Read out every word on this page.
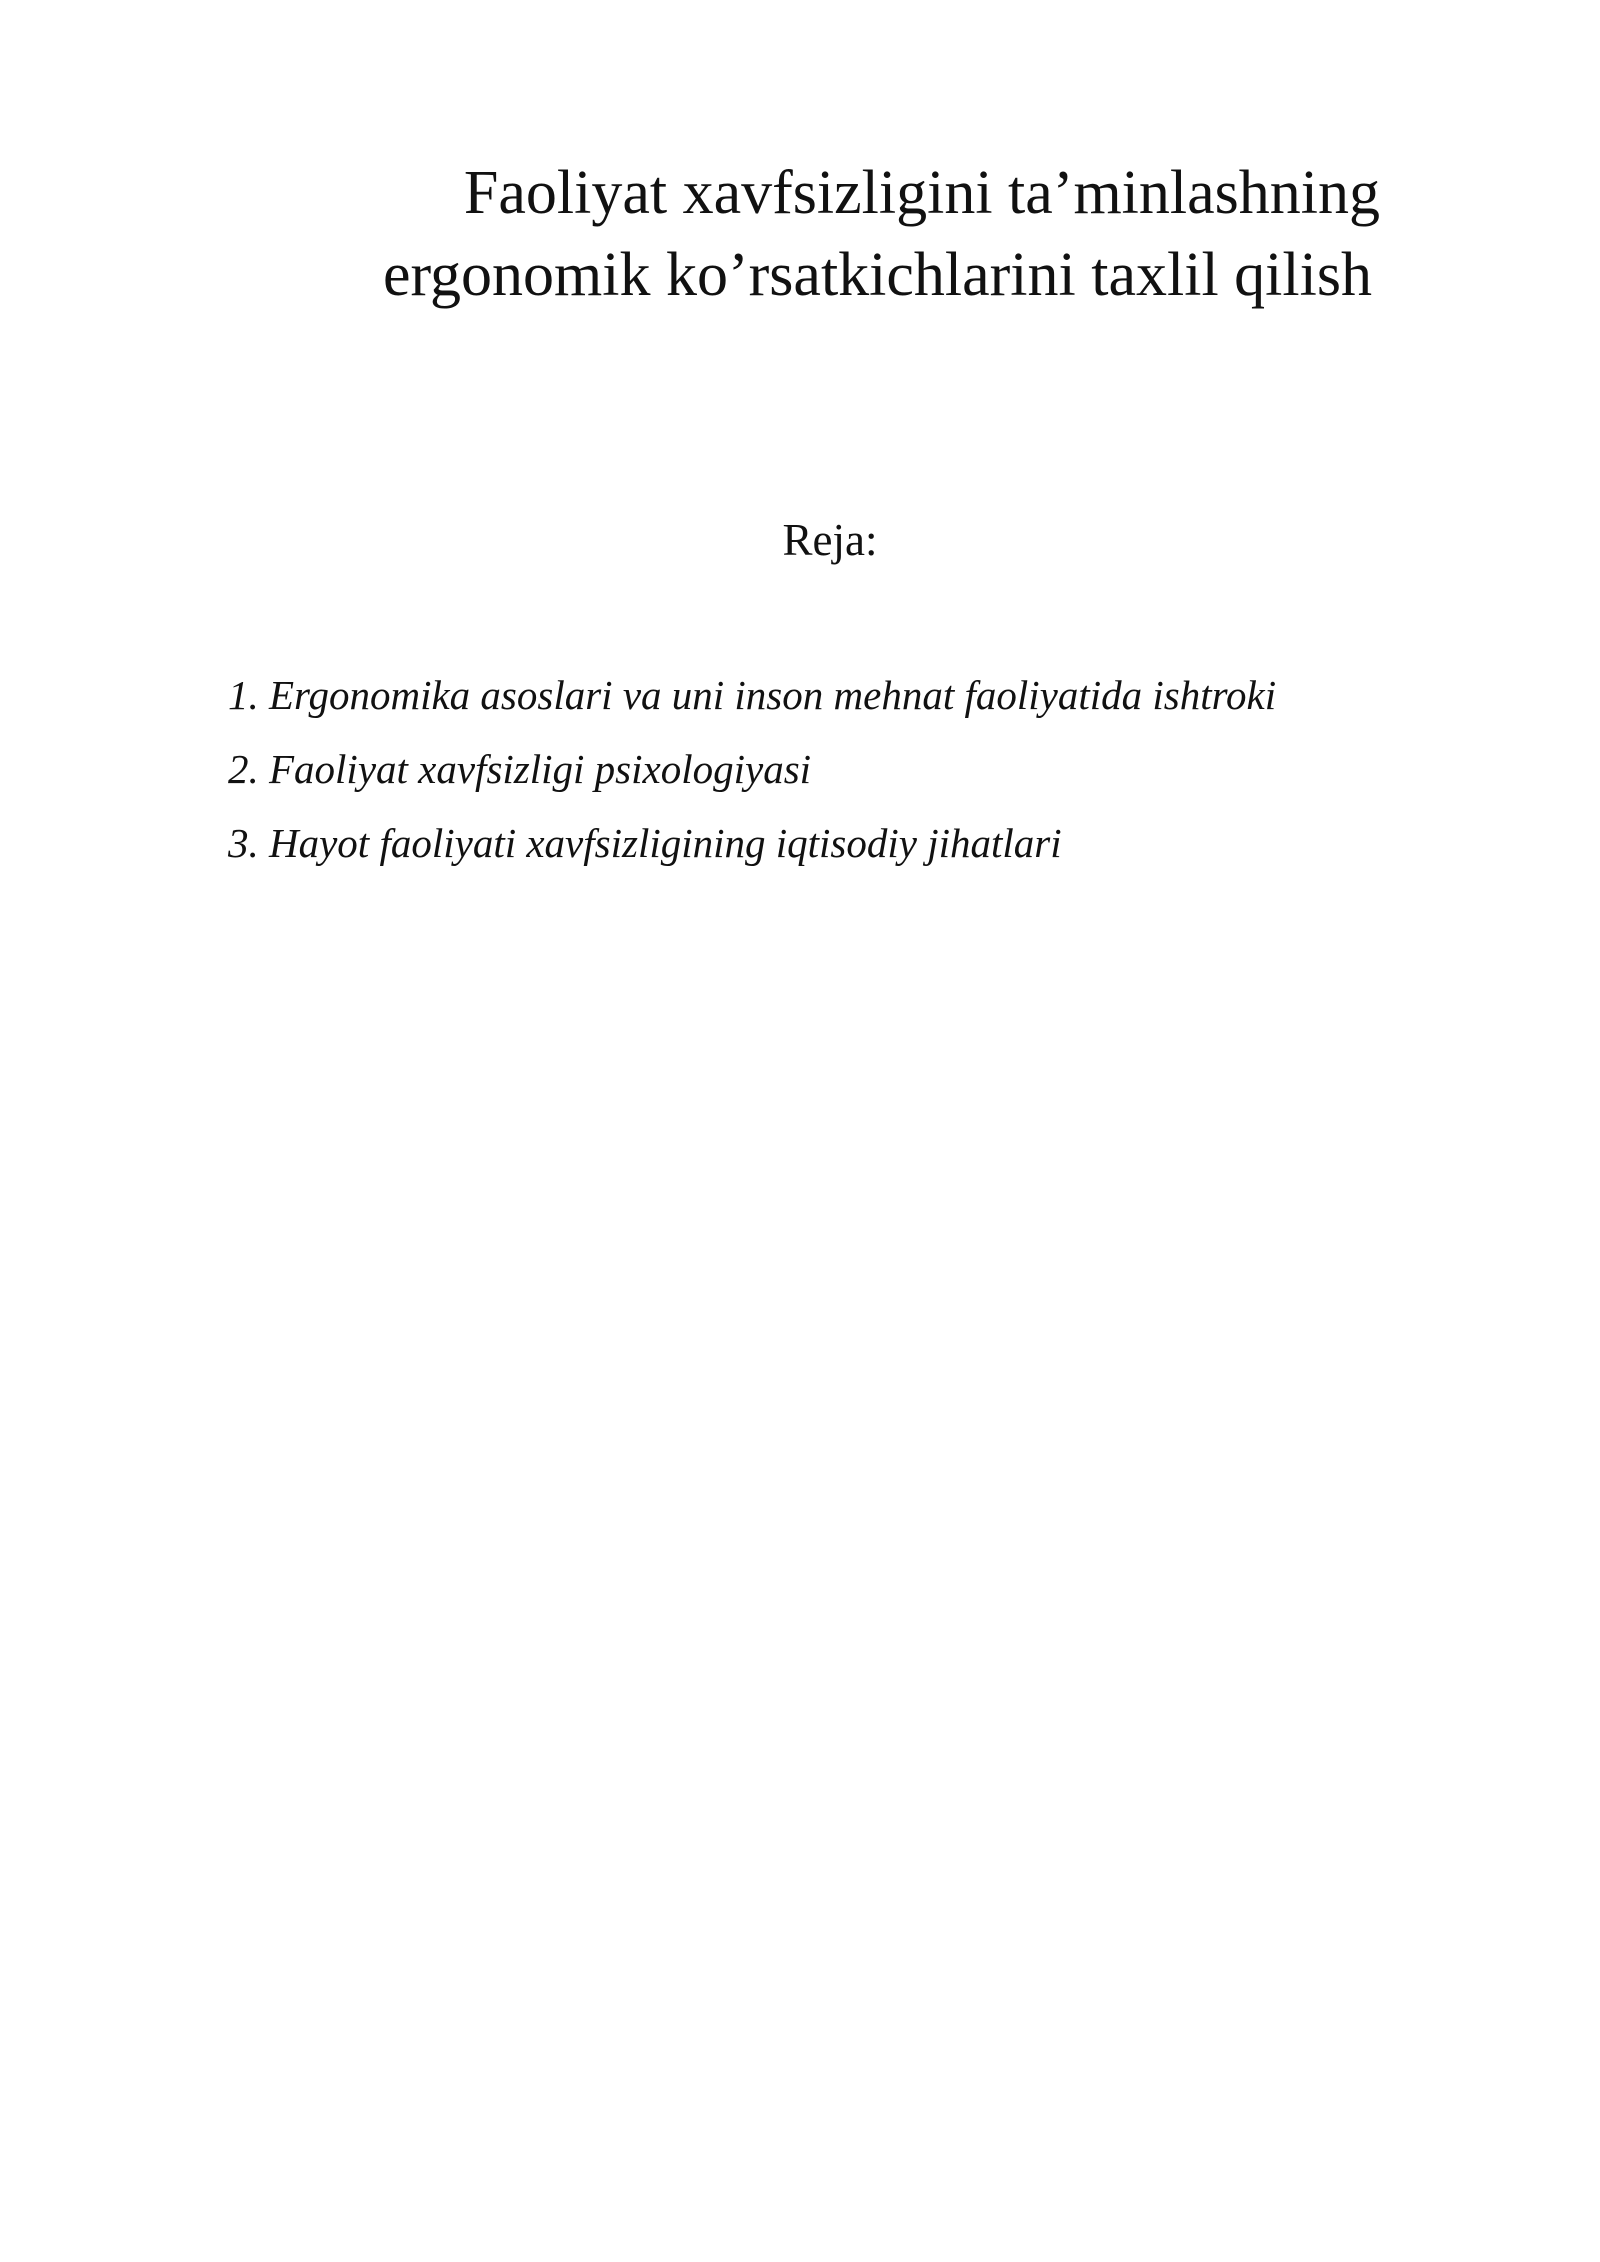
Faoliyat xavfsizligini ta’minlashning
ergonomik ko’rsatkichlarini taxlil qilish
Reja:
1. Ergonomika asoslari va uni inson mehnat faoliyatida ishtroki
2. Faoliyat xavfsizligi psixologiyasi
3. Hayot faoliyati xavfsizligining iqtisodiy jihatlari
